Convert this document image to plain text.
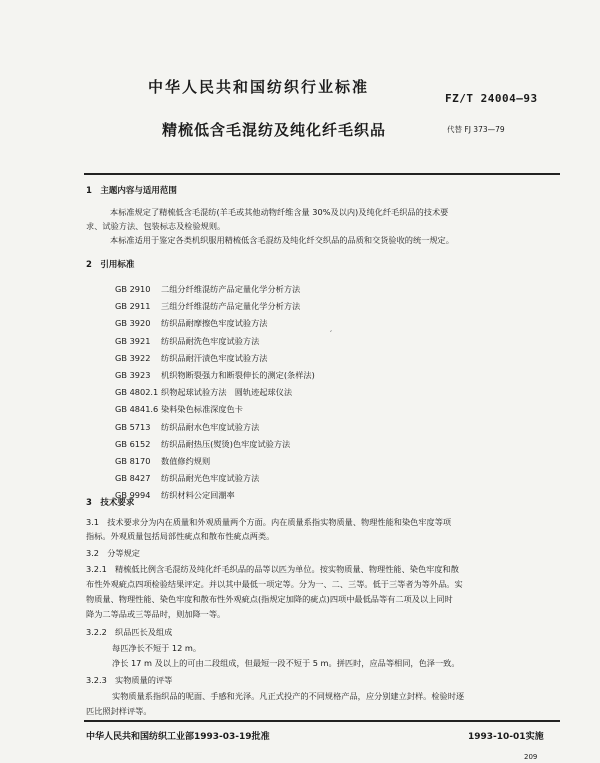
中华人民共和国纺织行业标准
FZ/T 24004—93
精梳低含毛混纺及纯化纤毛织品	代替 FJ 373—79
1　主题内容与适用范围
本标准规定了精梳低含毛混纺(羊毛或其他动物纤维含量 30%及以内)及纯化纤毛织品的技术要
求、试验方法、包装标志及检验规则。
本标准适用于鉴定各类机织服用精梳低含毛混纺及纯化纤交织品的品质和交货验收的统一规定。
2　引用标准
GB 2910 二组分纤维混纺产品定量化学分析方法
GB 2911 三组分纤维混纺产品定量化学分析方法
GB 3920 纺织品耐摩擦色牢度试验方法
GB 3921 纺织品耐洗色牢度试验方法
GB 3922 纺织品耐汗渍色牢度试验方法
GB 3923 机织物断裂强力和断裂伸长的测定(条样法)
GB 4802.1 织物起球试验方法　圆轨迹起球仪法
GB 4841.6 染料染色标准深度色卡
GB 5713 纺织品耐水色牢度试验方法
GB 6152 纺织品耐热压(熨烫)色牢度试验方法
GB 8170 数值修约规则
GB 8427 纺织品耐光色牢度试验方法
GB 9994 纺织材料公定回潮率
′
3　技术要求
3.1　技术要求分为内在质量和外观质量两个方面。内在质量系指实物质量、物理性能和染色牢度等项
指标。外观质量包括局部性疵点和散布性疵点两类。
3.2　分等规定
3.2.1　精梳低比例含毛混纺及纯化纤毛织品的品等以匹为单位。按实物质量、物理性能、染色牢度和散
布性外观疵点四项检验结果评定。并以其中最低一项定等。分为一、二、三等。低于三等者为等外品。实
物质量、物理性能、染色牢度和散布性外观疵点(指规定加降的疵点)四项中最低品等有二项及以上同时
降为二等品或三等品时，则加降一等。
3.2.2　织品匹长及组成
每匹净长不短于 12 m。
净长 17 m 及以上的可由二段组成，但最短一段不短于 5 m。拼匹时，应品等相同，色泽一致。
3.2.3　实物质量的评等
实物质量系指织品的呢面、手感和光泽。凡正式投产的不同规格产品，应分别建立封样。检验时逐
匹比照封样评等。
中华人民共和国纺织工业部1993-03-19批准	1993-10-01实施
209
